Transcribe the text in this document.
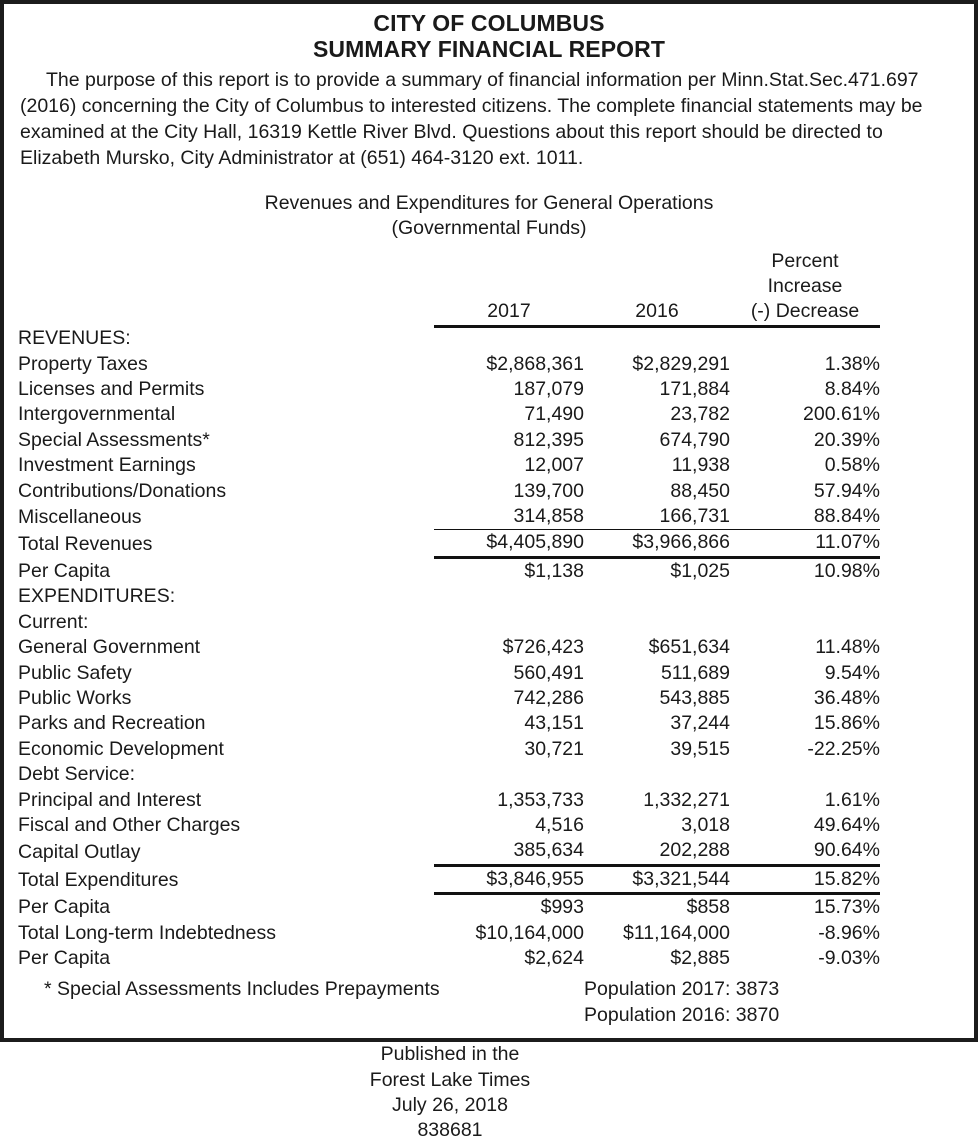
CITY OF COLUMBUS
SUMMARY FINANCIAL REPORT

The purpose of this report is to provide a summary of financial information per Minn.Stat.Sec.471.697 (2016) concerning the City of Columbus to interested citizens. The complete financial statements may be examined at the City Hall, 16319 Kettle River Blvd. Questions about this report should be directed to Elizabeth Mursko, City Administrator at (651) 464-3120 ext. 1011.

Revenues and Expenditures for General Operations
(Governmental Funds)

			Percent
Increase	

	2017	2016	(-) Decrease	
REVENUES:				
Property Taxes	$2,868,361	$2,829,291	1.38%	
Licenses and Permits	187,079	171,884	8.84%	
Intergovernmental	71,490	23,782	200.61%	
Special Assessments*	812,395	674,790	20.39%	
Investment Earnings	12,007	11,938	0.58%	
Contributions/Donations	139,700	88,450	57.94%	
Miscellaneous	314,858	166,731	88.84%	
Total Revenues	$4,405,890	$3,966,866	11.07%	
Per Capita	$1,138	$1,025	10.98%	
EXPENDITURES:				
Current:				
General Government	$726,423	$651,634	11.48%	
Public Safety	560,491	511,689	9.54%	
Public Works	742,286	543,885	36.48%	
Parks and Recreation	43,151	37,244	15.86%	
Economic Development	30,721	39,515	-22.25%	
Debt Service:				
Principal and Interest	1,353,733	1,332,271	1.61%	
Fiscal and Other Charges	4,516	3,018	49.64%	
Capital Outlay	385,634	202,288	90.64%	
Total Expenditures	$3,846,955	$3,321,544	15.82%	
Per Capita	$993	$858	15.73%	
Total Long-term Indebtedness	$10,164,000	$11,164,000	-8.96%	
Per Capita	$2,624	$2,885	-9.03%	
* Special Assessments Includes Prepayments	Population 2017: 3873
Population 2016: 3870
Published in the
Forest Lake Times
July 26, 2018
838681
